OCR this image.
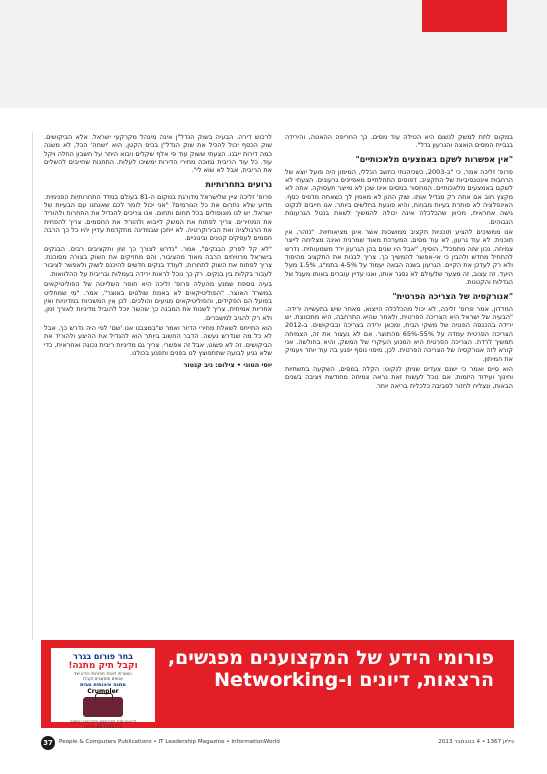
במקום לתת למשק לנשום היא הטילה עוד מסים. כך החריפה ההאטה, והירידה בגביית המסים הואצה והגרעון גדל".

"אין אפשרות לשקם באמצעים מלאכותיים"

פרופ' זליכה אמר, כי "ב-2003, כשכיהנתי כחשב הכללי, המימון היה פועל יוצא של הרחבות אינטנסיביות של התקציב, דפוסים התחלתיים מאפיינים גרעונים. הצעתי לא לשקם באמצעים מלאכותיים. המחסור במסים אינו שכן לא מייצר תעסוקה. אתה לא מקצץ חוב אם אתה רק מגדיל אותו. שוק ההון לא מאמין לך כשאתה מדפיס כסף. האינפלציה לא פותרת בעיות מבניות, והיא פוגעת בחלשים ביותר. אנו חייבים לנקוט גישה אחראית, מכיוון שהכלכלה אינה יכולה להמשיך לשאת בנטל הגרעונות הגבוהים.

אנו ממשיכים להציע תוכניות תקציב ממושכות אשר אינן מציאותיות. "נזהר, אין תוכנית. לא עוד גרעון, לא עוד מסים, המערכת מאוד שמרנית ואינה מצליחה לייצר צמיחה. נכון שזה מתסכל", הוסיף, "אבל היו שנים בהן הגרעון ירד משמעותית. נדרש להתחיל מחדש ולהבין כי אי-אפשר להמשיך כך. צריך לבנות את התקציב מהיסוד ולא רק לעדכן את הקיים. הגרעון בשנה הבאה יעמוד על 4-5% בתמ"ג, 1.5% מעל היעד. זה עצוב, זה מצער שלעולם לא נסגר אותו, ואנו עדיין עוברים באותו מעגל של הגדלות והקטנות.

"אנורקסיה של הצריכה הפרטית"

המדדון, אמר פרופ' זליכה, לא יכול מהכלכלה הייצוא, מאחר שיש בתעשייה ירידה. "הבעיה של ישראל היא הצריכה הפרטית, ולאחר שהיא התרחבה, היא מתכווצת. יש ירידה בהכנסה הפנויה של משקי הבית, ומכאן ירידה בצריכה ובביקושים. ב-2012 הצריכה הפרטית עמדה על 55%-65% מהתוצר. אם לא נעצור את זה, הצמיחה תמשיך לרדת. הצריכה הפרטית היא המנוע העיקרי של המשק, והיא בחולשה. אני קורא לזה אנורקסיה של הצריכה הפרטית. לכן, מיסוי נוסף יפגע בה עוד יותר ויעמיק את המיתון.

הוא סיים ואמר כי ישנם צעדים שניתן לנקוט: הקלה במסים, השקעה בתשתיות וחינוך ועידוד היזמות. אם נוכל לעשות זאת נראה צמיחה מחודשת ויציבה בשנים הבאות, ונצליח לחזור לסביבה כלכלית בריאה יותר.

לרכוש דירה. הבעיה בשוק הנדל"ן אינה מינהל מקרקעי ישראל. אלא הביקושים. שוק הכסף יכול להכיל את שוק הנדל"ן בכיס הקטן, הוא 'ישחה' הכל, לא משנה כמה דירות ייבנו. הצעתי ששוק עוד פי אלף שקלים ויבוא היתר על חשבון הוזלה ויקל עוד. כל עוד הריבית נמוכה מחירי הדירות ימשיכו לעלות. התחנות שחייבים להשלים את הריבית, אבל לא שוא לי".

גרועים בתחרותיות

פרופ' זליכה ציין שלישראל מדורגת במקום ה-81 בעולם במדד התחרותיות הפנימית. מדוע שלא נתרום את כל הגורמים? "אני יכול לומר לכם שאנחנו עם הבעיות של ישראל. יש לנו מונופולים בכל תחום ותחום. אנו צריכים להגדיל את התחרות ולהוריד את המחירים. צריך לפתוח את המשק לייבוא ולהוריד את החסמים. צריך להפחית את הרגולציה ואת הבירוקרטיה. לא ייתכן שבמדינה מתקדמת עדיין יהיו כל כך הרבה חסמים לעסקים קטנים ובינוניים.

"לא קל לפרק הבנקים", אמר. "נדרש לצורך כך זמן ותקציבים רבים. הבנקים בישראל מרוויחים הרבה מאוד מהציבור, והם מחזיקים את השוק בצורה מסוכנת. צריך לפתוח את השוק לתחרות, לעודד בנקים חדשים להיכנס לשוק ולאפשר לציבור לעבור בקלות בין בנקים. רק כך נוכל לראות ירידה בעמלות ובריבית על ההלוואות.

בעיה נוספת שמנע מהעלה פרופ' זליכה היא חוסר השלייטה של הפוליטיקאים במשרד האוצר. "הפוליטיקאים לא באמת שולטים באוצר", אמר. "מי שמחליט בפועל הם הפקידים, והפוליטיקאים מגיעים והולכים. לכן אין המשכיות במדיניות ואין אחריות אמיתית. צריך לשנות את המבנה כך שהשר יוכל להוביל מדיניות לאורך זמן, ולא רק להגיב למשברים.

הוא התייחס לשאלת מחירי הדיור ואמר ש"במצבנו אנו 'שם' לפי היה נדרש כך, אבל לא כל מה שנדרש נעשה. הדבר החשוב ביותר הוא להגדיל את ההיצע ולהוריד את הביקושים. זה לא פשוט, אבל זה אפשרי. צריך גם מדיניות ריבית נכונה ואחראית, כדי שלא נגיע לבועה שתתפוצץ לנו בפנים ותפגע בכולנו.

יוסי הטוני • צילום: ניב קנטור
פורומי הידע של המקצוענים מפגשים, הרצאות, דיונים ו-Networking
בחר פורום בגרר
וקבל תיק מתנה!
הצטרפו לאחד מפורומי הידע של
אנשים ומחשבים וקבלו
מתנה איכותית מבית
Crumpler
להצטרפות לפורומים ולפרטים נוספים
03-7330773 :טלפון
37	People & Computers Publications • IT Leadership Magazine • InformationWorld	גיליון 1367 • 4 בנובמבר 2013
